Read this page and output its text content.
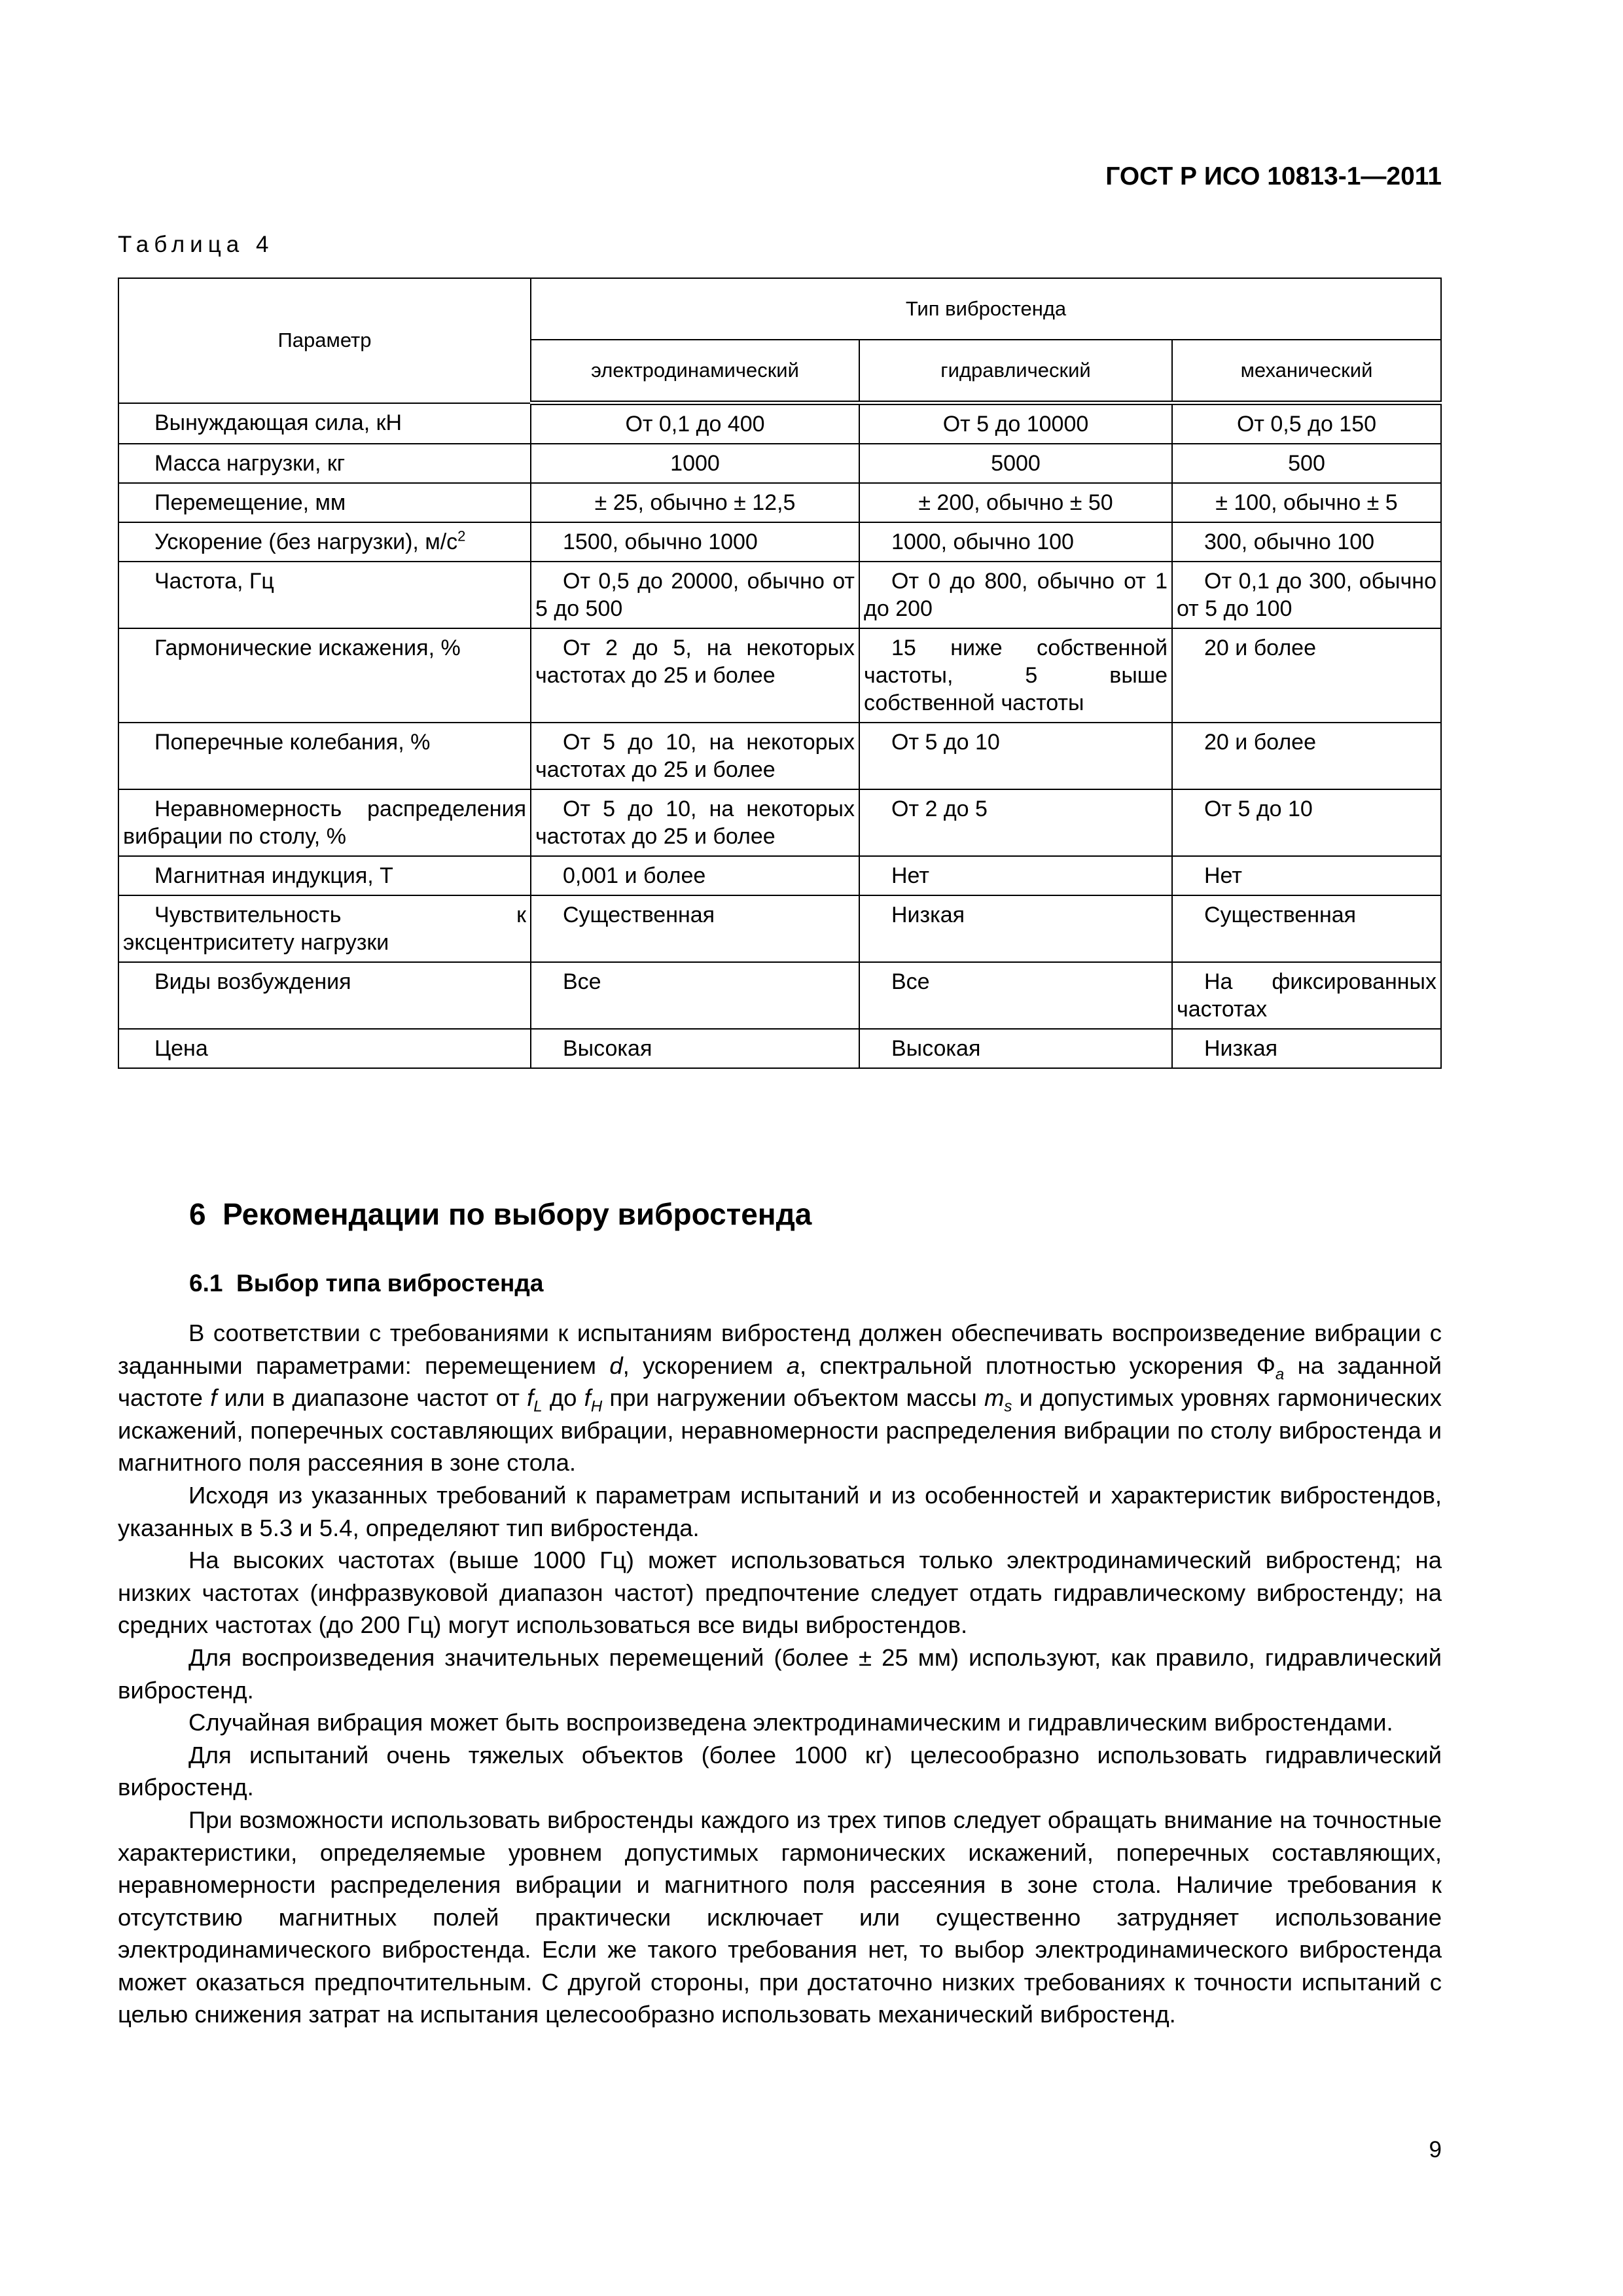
ГОСТ Р ИСО 10813-1—2011
Таблица 4
Параметр	Тип вибростенда		
	электродинамический	гидравлический	механический
Вынуждающая сила, кН	От 0,1 до 400	От 5 до 10000	От 0,5 до 150
Масса нагрузки, кг	1000	5000	500
Перемещение, мм	± 25, обычно ± 12,5	± 200, обычно ± 50	± 100, обычно ± 5
Ускорение (без нагрузки), $м/с^2$	1500, обычно 1000	1000, обычно 100	300, обычно 100
Частота, Гц	От 0,5 до 20000, обычно от 5 до 500	От 0 до 800, обычно от 1 до 200	От 0,1 до 300, обычно от 5 до 100
Гармонические искажения, %	От 2 до 5, на некоторых частотах до 25 и более	15 ниже собственной частоты, 5 выше собственной частоты	20 и более
Поперечные колебания, %	От 5 до 10, на некоторых частотах до 25 и более	От 5 до 10	20 и более
Неравномерность распределения вибрации по столу, %	От 5 до 10, на некоторых частотах до 25 и более	От 2 до 5	От 5 до 10
Магнитная индукция, Т	0,001 и более	Нет	Нет
Чувствительность к эксцентриситету нагрузки	Существенная	Низкая	Существенная
Виды возбуждения	Все	Все	На фиксированных частотах
Цена	Высокая	Высокая	Низкая
6  Рекомендации по выбору вибростенда
6.1  Выбор типа вибростенда

В соответствии с требованиями к испытаниям вибростенд должен обеспечивать воспроизведение вибрации с заданными параметрами: перемещением d, ускорением a, спектральной плотностью ускорения $\Phi_a$ на заданной частоте f или в диапазоне частот от $f_L$ до $f_H$ при нагружении объектом массы $m_s$ и допустимых уровнях гармонических искажений, поперечных составляющих вибрации, неравномерности распределения вибрации по столу вибростенда и магнитного поля рассеяния в зоне стола.

Исходя из указанных требований к параметрам испытаний и из особенностей и характеристик вибростендов, указанных в 5.3 и 5.4, определяют тип вибростенда.

На высоких частотах (выше 1000 Гц) может использоваться только электродинамический вибростенд; на низких частотах (инфразвуковой диапазон частот) предпочтение следует отдать гидравлическому вибростенду; на средних частотах (до 200 Гц) могут использоваться все виды вибростендов.

Для воспроизведения значительных перемещений (более ± 25 мм) используют, как правило, гидравлический вибростенд.

Случайная вибрация может быть воспроизведена электродинамическим и гидравлическим вибростендами.

Для испытаний очень тяжелых объектов (более 1000 кг) целесообразно использовать гидравлический вибростенд.

При возможности использовать вибростенды каждого из трех типов следует обращать внимание на точностные характеристики, определяемые уровнем допустимых гармонических искажений, поперечных составляющих, неравномерности распределения вибрации и магнитного поля рассеяния в зоне стола. Наличие требования к отсутствию магнитных полей практически исключает или существенно затрудняет использование электродинамического вибростенда. Если же такого требования нет, то выбор электродинамического вибростенда может оказаться предпочтительным. С другой стороны, при достаточно низких требованиях к точности испытаний с целью снижения затрат на испытания целесообразно использовать механический вибростенд.

9
